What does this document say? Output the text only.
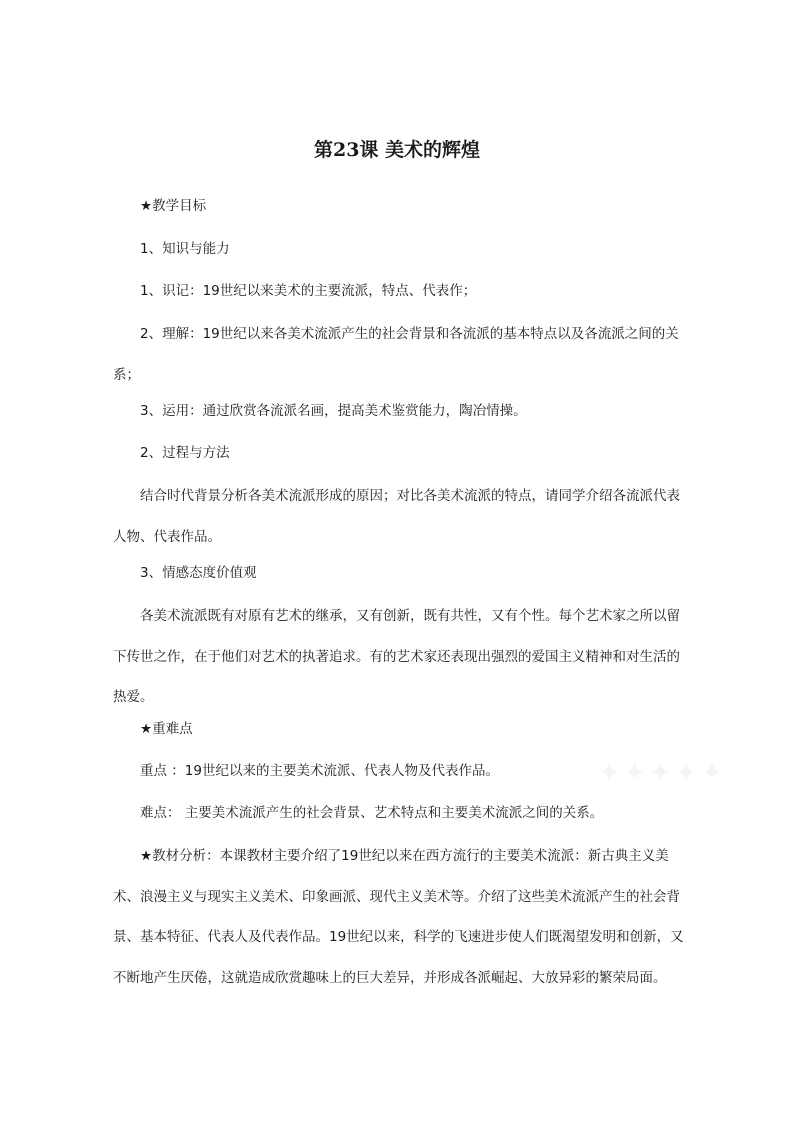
第23课 美术的辉煌

★教学目标

1、知识与能力

1、识记：19世纪以来美术的主要流派，特点、代表作；

2、理解：19世纪以来各美术流派产生的社会背景和各流派的基本特点以及各流派之间的关系；

3、运用：通过欣赏各流派名画，提高美术鉴赏能力，陶冶情操。

2、过程与方法

结合时代背景分析各美术流派形成的原因；对比各美术流派的特点，请同学介绍各流派代表人物、代表作品。

3、情感态度价值观

各美术流派既有对原有艺术的继承，又有创新，既有共性，又有个性。每个艺术家之所以留下传世之作，在于他们对艺术的执著追求。有的艺术家还表现出强烈的爱国主义精神和对生活的热爱。

★重难点

重点 ：19世纪以来的主要美术流派、代表人物及代表作品。

难点： 主要美术流派产生的社会背景、艺术特点和主要美术流派之间的关系。

★教材分析：本课教材主要介绍了19世纪以来在西方流行的主要美术流派：新古典主义美术、浪漫主义与现实主义美术、印象画派、现代主义美术等。介绍了这些美术流派产生的社会背景、基本特征、代表人及代表作品。19世纪以来，科学的飞速进步使人们既渴望发明和创新，又不断地产生厌倦，这就造成欣赏趣味上的巨大差异，并形成各派崛起、大放异彩的繁荣局面。

✦✦✦✦✦
